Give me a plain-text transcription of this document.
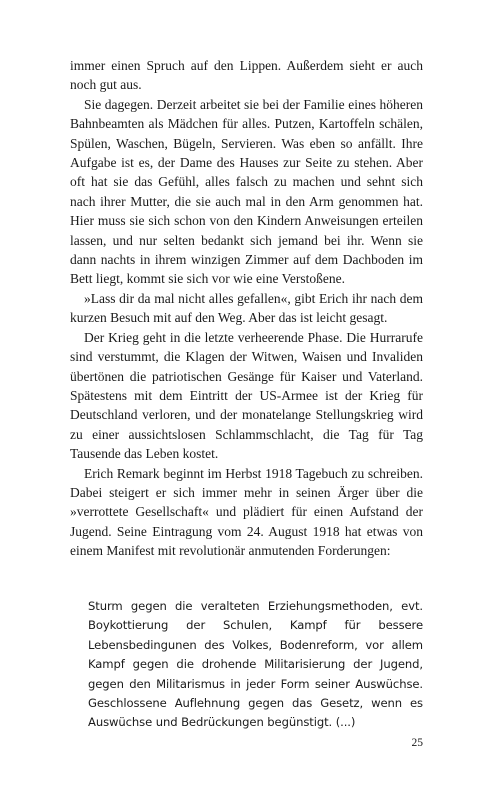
immer einen Spruch auf den Lippen. Außerdem sieht er auch noch gut aus.

Sie dagegen. Derzeit arbeitet sie bei der Familie eines höheren Bahnbeamten als Mädchen für alles. Putzen, Kartoffeln schälen, Spülen, Waschen, Bügeln, Servieren. Was eben so anfällt. Ihre Aufgabe ist es, der Dame des Hauses zur Seite zu stehen. Aber oft hat sie das Gefühl, alles falsch zu machen und sehnt sich nach ihrer Mutter, die sie auch mal in den Arm genommen hat. Hier muss sie sich schon von den Kindern Anweisungen erteilen lassen, und nur selten bedankt sich jemand bei ihr. Wenn sie dann nachts in ihrem winzigen Zimmer auf dem Dachboden im Bett liegt, kommt sie sich vor wie eine Verstoßene.

»Lass dir da mal nicht alles gefallen«, gibt Erich ihr nach dem kurzen Besuch mit auf den Weg. Aber das ist leicht gesagt.

Der Krieg geht in die letzte verheerende Phase. Die Hurrarufe sind verstummt, die Klagen der Witwen, Waisen und Invaliden übertönen die patriotischen Gesänge für Kaiser und Vaterland. Spätestens mit dem Eintritt der US-Armee ist der Krieg für Deutschland verloren, und der monatelange Stellungskrieg wird zu einer aussichtslosen Schlammschlacht, die Tag für Tag Tausende das Leben kostet.

Erich Remark beginnt im Herbst 1918 Tagebuch zu schreiben. Dabei steigert er sich immer mehr in seinen Ärger über die »verrottete Gesellschaft« und plädiert für einen Aufstand der Jugend. Seine Eintragung vom 24. August 1918 hat etwas von einem Manifest mit revolutionär anmutenden Forderungen:

Sturm gegen die veralteten Erziehungsmethoden, evt. Boykottierung der Schulen, Kampf für bessere Lebensbedingunen des Volkes, Bodenreform, vor allem Kampf gegen die drohende Militarisierung der Jugend, gegen den Militarismus in jeder Form seiner Auswüchse. Geschlossene Auflehnung gegen das Gesetz, wenn es Auswüchse und Bedrückungen begünstigt. (...)

25
